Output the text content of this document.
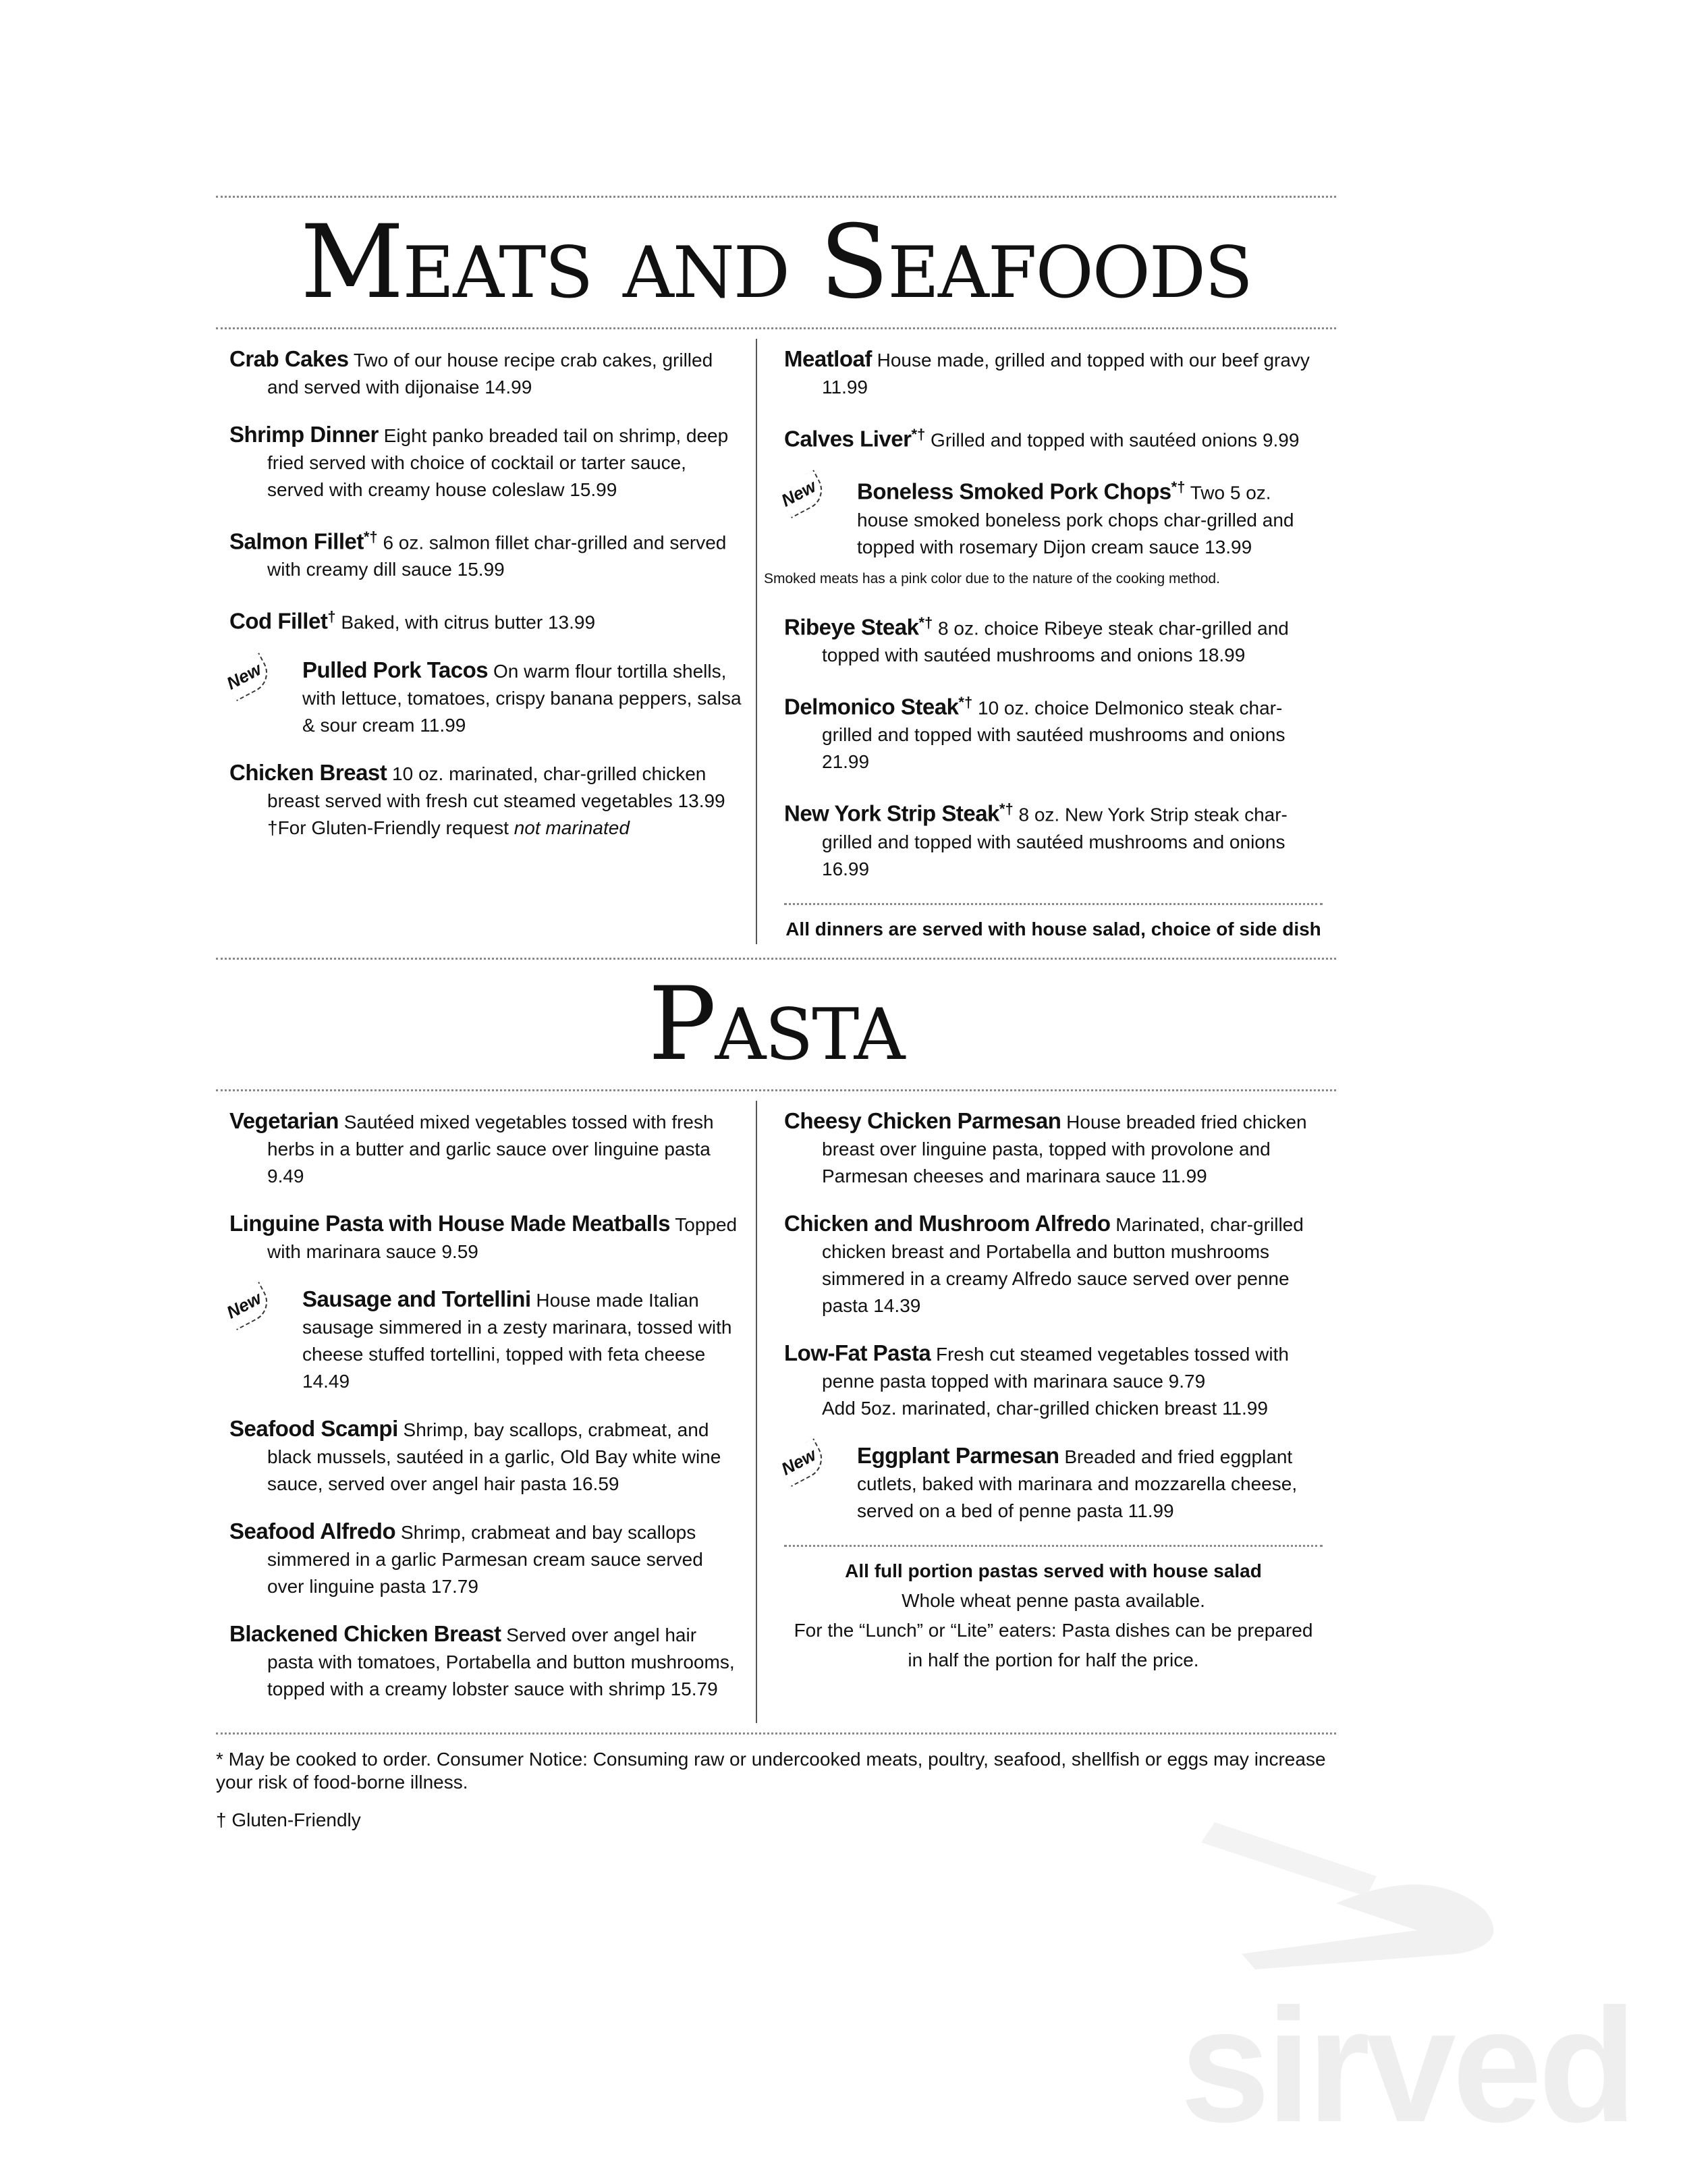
Meats and Seafoods
Crab Cakes Two of our house recipe crab cakes, grilled and served with dijonaise 14.99
Shrimp Dinner Eight panko breaded tail on shrimp, deep fried served with choice of cocktail or tarter sauce, served with creamy house coleslaw 15.99
Salmon Fillet*† 6 oz. salmon fillet char-grilled and served with creamy dill sauce 15.99
Cod Fillet† Baked, with citrus butter 13.99
New	Pulled Pork Tacos On warm flour tortilla shells, with lettuce, tomatoes, crispy banana peppers, salsa & sour cream 11.99
Chicken Breast 10 oz. marinated, char-grilled chicken breast served with fresh cut steamed vegetables 13.99
†For Gluten-Friendly request not marinated
Meatloaf House made, grilled and topped with our beef gravy 11.99
Calves Liver*† Grilled and topped with sautéed onions 9.99
New	Boneless Smoked Pork Chops*† Two 5 oz. house smoked boneless pork chops char-grilled and topped with rosemary Dijon cream sauce 13.99
Smoked meats has a pink color due to the nature of the cooking method.
Ribeye Steak*† 8 oz. choice Ribeye steak char-grilled and topped with sautéed mushrooms and onions 18.99
Delmonico Steak*† 10 oz. choice Delmonico steak char-grilled and topped with sautéed mushrooms and onions 21.99
New York Strip Steak*† 8 oz. New York Strip steak char-grilled and topped with sautéed mushrooms and onions 16.99
All dinners are served with house salad, choice of side dish
Pasta
Vegetarian Sautéed mixed vegetables tossed with fresh herbs in a butter and garlic sauce over linguine pasta 9.49
Linguine Pasta with House Made Meatballs Topped with marinara sauce 9.59
New	Sausage and Tortellini House made Italian sausage simmered in a zesty marinara, tossed with cheese stuffed tortellini, topped with feta cheese 14.49
Seafood Scampi Shrimp, bay scallops, crabmeat, and black mussels, sautéed in a garlic, Old Bay white wine sauce, served over angel hair pasta 16.59
Seafood Alfredo Shrimp, crabmeat and bay scallops simmered in a garlic Parmesan cream sauce served over linguine pasta 17.79
Blackened Chicken Breast Served over angel hair pasta with tomatoes, Portabella and button mushrooms, topped with a creamy lobster sauce with shrimp 15.79
Cheesy Chicken Parmesan House breaded fried chicken breast over linguine pasta, topped with provolone and Parmesan cheeses and marinara sauce 11.99
Chicken and Mushroom Alfredo Marinated, char-grilled chicken breast and Portabella and button mushrooms simmered in a creamy Alfredo sauce served over penne pasta 14.39
Low-Fat Pasta Fresh cut steamed vegetables tossed with penne pasta topped with marinara sauce 9.79
Add 5oz. marinated, char-grilled chicken breast 11.99
New	Eggplant Parmesan Breaded and fried eggplant cutlets, baked with marinara and mozzarella cheese, served on a bed of penne pasta 11.99
All full portion pastas served with house salad
Whole wheat penne pasta available.
For the “Lunch” or “Lite” eaters: Pasta dishes can be prepared in half the portion for half the price.

* May be cooked to order. Consumer Notice: Consuming raw or undercooked meats, poultry, seafood, shellfish or eggs may increase your risk of food-borne illness.

† Gluten-Friendly

sirved
